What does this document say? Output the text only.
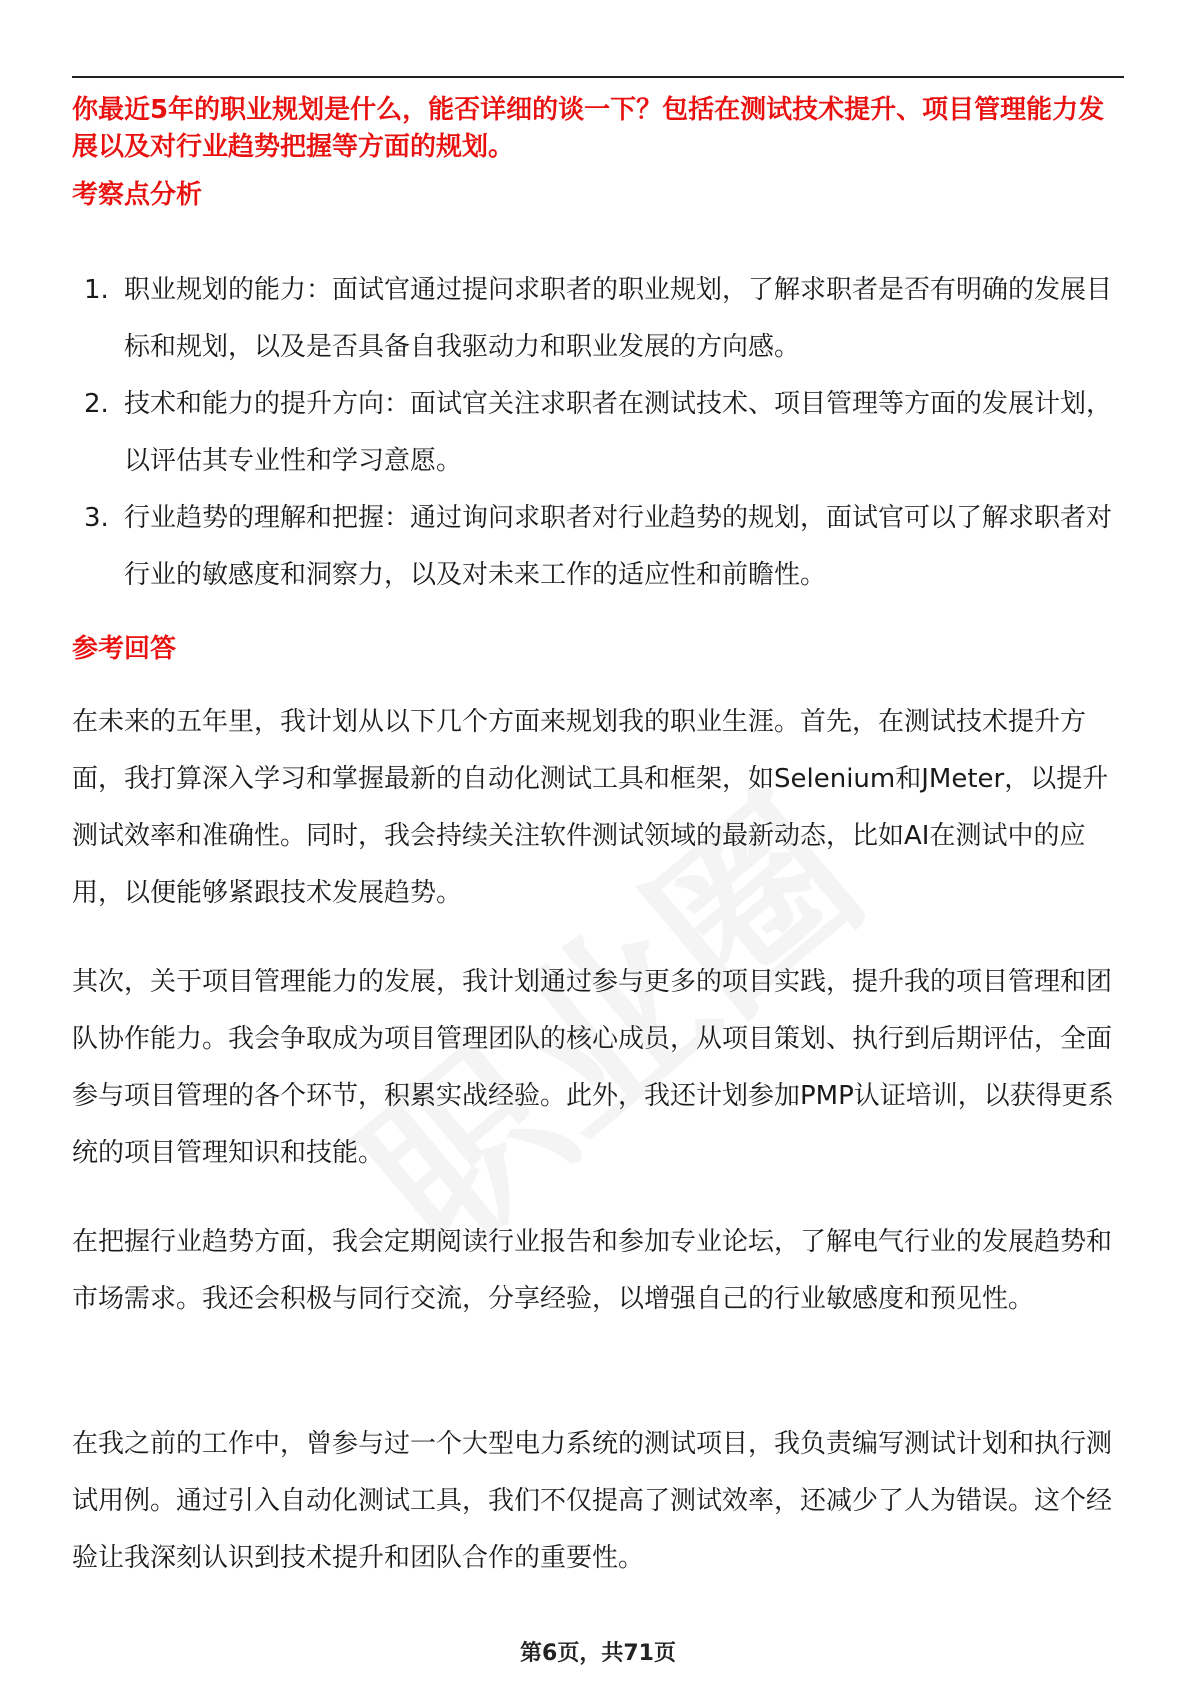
你最近5年的职业规划是什么，能否详细的谈一下？包括在测试技术提升、项目管理能力发展以及对行业趋势把握等方面的规划。
考察点分析
1. 职业规划的能力：面试官通过提问求职者的职业规划，了解求职者是否有明确的发展目标和规划，以及是否具备自我驱动力和职业发展的方向感。
2. 技术和能力的提升方向：面试官关注求职者在测试技术、项目管理等方面的发展计划，以评估其专业性和学习意愿。
3. 行业趋势的理解和把握：通过询问求职者对行业趋势的规划，面试官可以了解求职者对行业的敏感度和洞察力，以及对未来工作的适应性和前瞻性。
参考回答

在未来的五年里，我计划从以下几个方面来规划我的职业生涯。首先，在测试技术提升方面，我打算深入学习和掌握最新的自动化测试工具和框架，如Selenium和JMeter，以提升测试效率和准确性。同时，我会持续关注软件测试领域的最新动态，比如AI在测试中的应用，以便能够紧跟技术发展趋势。

其次，关于项目管理能力的发展，我计划通过参与更多的项目实践，提升我的项目管理和团队协作能力。我会争取成为项目管理团队的核心成员，从项目策划、执行到后期评估，全面参与项目管理的各个环节，积累实战经验。此外，我还计划参加PMP认证培训，以获得更系统的项目管理知识和技能。

在把握行业趋势方面，我会定期阅读行业报告和参加专业论坛，了解电气行业的发展趋势和市场需求。我还会积极与同行交流，分享经验，以增强自己的行业敏感度和预见性。

在我之前的工作中，曾参与过一个大型电力系统的测试项目，我负责编写测试计划和执行测试用例。通过引入自动化测试工具，我们不仅提高了测试效率，还减少了人为错误。这个经验让我深刻认识到技术提升和团队合作的重要性。

第6页，共71页
